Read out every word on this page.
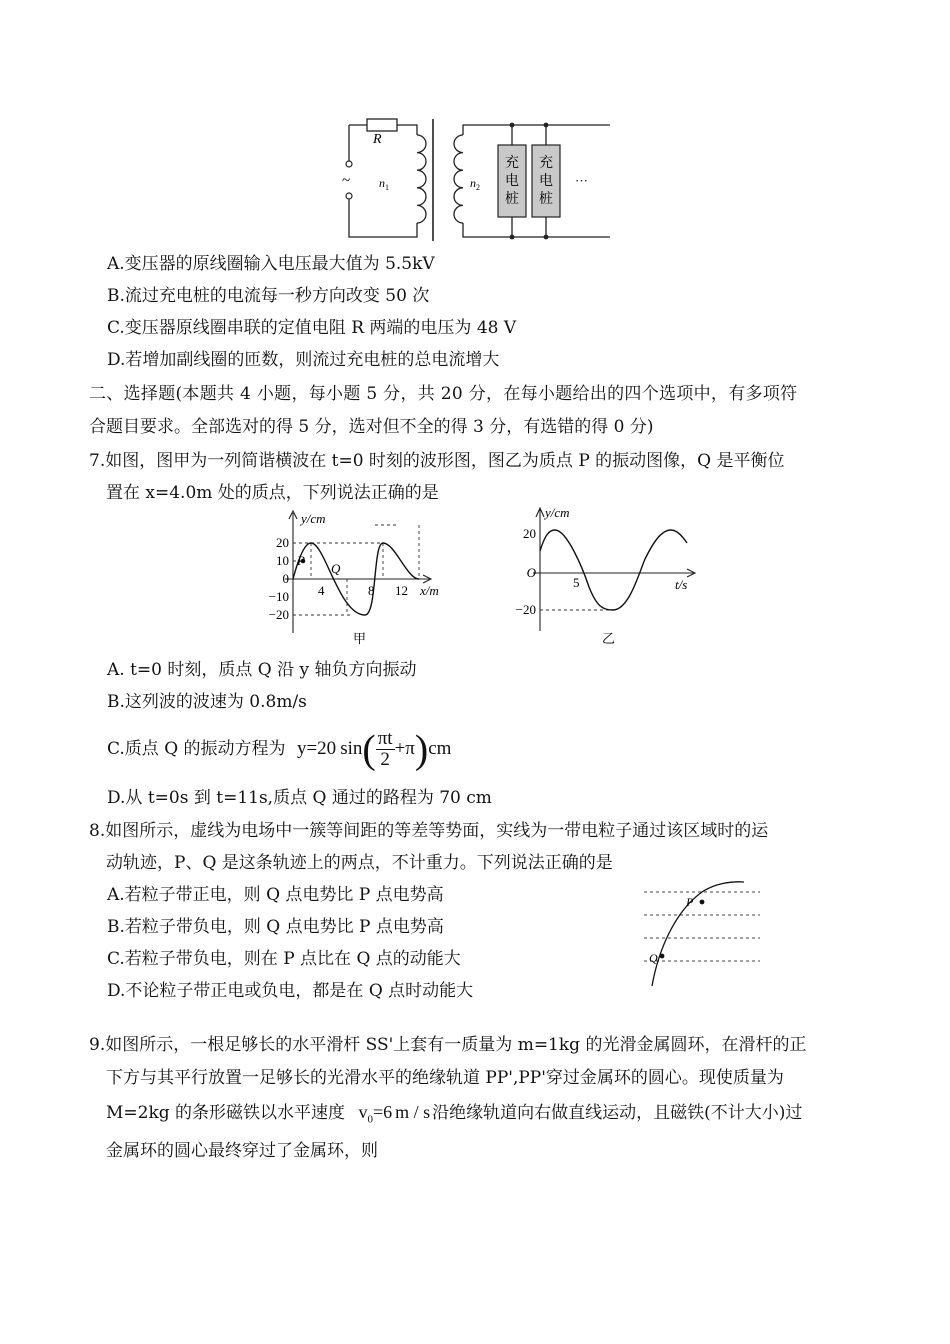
~
R
$n_1$	$n_2$
充
电
桩
充
电
桩
···
A.变压器的原线圈输入电压最大值为 5.5kV
B.流过充电桩的电流每一秒方向改变 50 次
C.变压器原线圈串联的定值电阻 R 两端的电压为 48 V
D.若增加副线圈的匝数，则流过充电桩的总电流增大
二、选择题(本题共 4 小题，每小题 5 分，共 20 分，在每小题给出的四个选项中，有多项符
合题目要求。全部选对的得 5 分，选对但不全的得 3 分，有选错的得 0 分)
7.如图，图甲为一列简谐横波在 t=0 时刻的波形图，图乙为质点 P 的振动图像，Q 是平衡位
置在 x=4.0m 处的质点，下列说法正确的是
y/cm
x/m
20
10
0
−10
−20
4	8 12
P
Q
甲
y/cm
t/s
20
O
−20
5
乙
A. t=0 时刻，质点 Q 沿 y 轴负方向振动
B.这列波的波速为 0.8m/s
C.质点 Q 的振动方程为 y=20 $\sin( \frac{\pi t}{2} +\pi)cm$
D.从 t=0s 到 t=11s,质点 Q 通过的路程为 70 cm
8.如图所示，虚线为电场中一簇等间距的等差等势面，实线为一带电粒子通过该区域时的运
动轨迹，P、Q 是这条轨迹上的两点，不计重力。下列说法正确的是
A.若粒子带正电，则 Q 点电势比 P 点电势高
B.若粒子带负电，则 Q 点电势比 P 点电势高
C.若粒子带负电，则在 P 点比在 Q 点的动能大
D.不论粒子带正电或负电，都是在 Q 点时动能大
P
Q
9.如图所示，一根足够长的水平滑杆 SS'上套有一质量为 m=1kg 的光滑金属圆环，在滑杆的正
下方与其平行放置一足够长的光滑水平的绝缘轨道 PP',PP'穿过金属环的圆心。现使质量为
M=2kg 的条形磁铁以水平速度 $v_0=6$ m / s 沿绝缘轨道向右做直线运动，且磁铁(不计大小)过
金属环的圆心最终穿过了金属环，则
